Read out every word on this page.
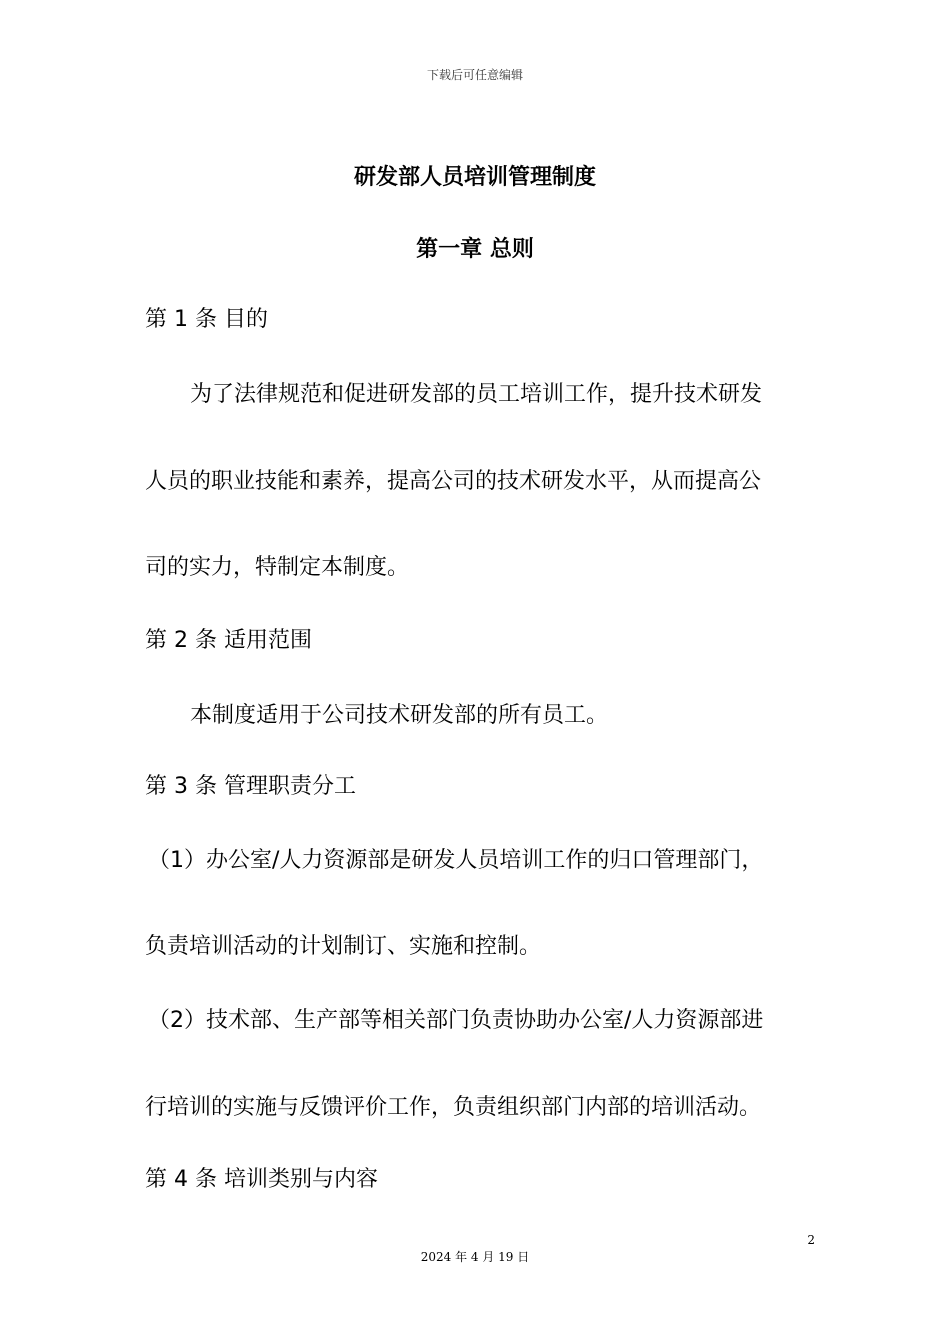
下载后可任意编辑
研发部人员培训管理制度
第一章 总则
第 1 条 目的
为了法律规范和促进研发部的员工培训工作，提升技术研发
人员的职业技能和素养，提高公司的技术研发水平，从而提高公
司的实力，特制定本制度。
第 2 条 适用范围
本制度适用于公司技术研发部的所有员工。
第 3 条 管理职责分工
（1）办公室/人力资源部是研发人员培训工作的归口管理部门，
负责培训活动的计划制订、实施和控制。
（2）技术部、生产部等相关部门负责协助办公室/人力资源部进
行培训的实施与反馈评价工作，负责组织部门内部的培训活动。
第 4 条 培训类别与内容
2
2024 年 4 月 19 日
